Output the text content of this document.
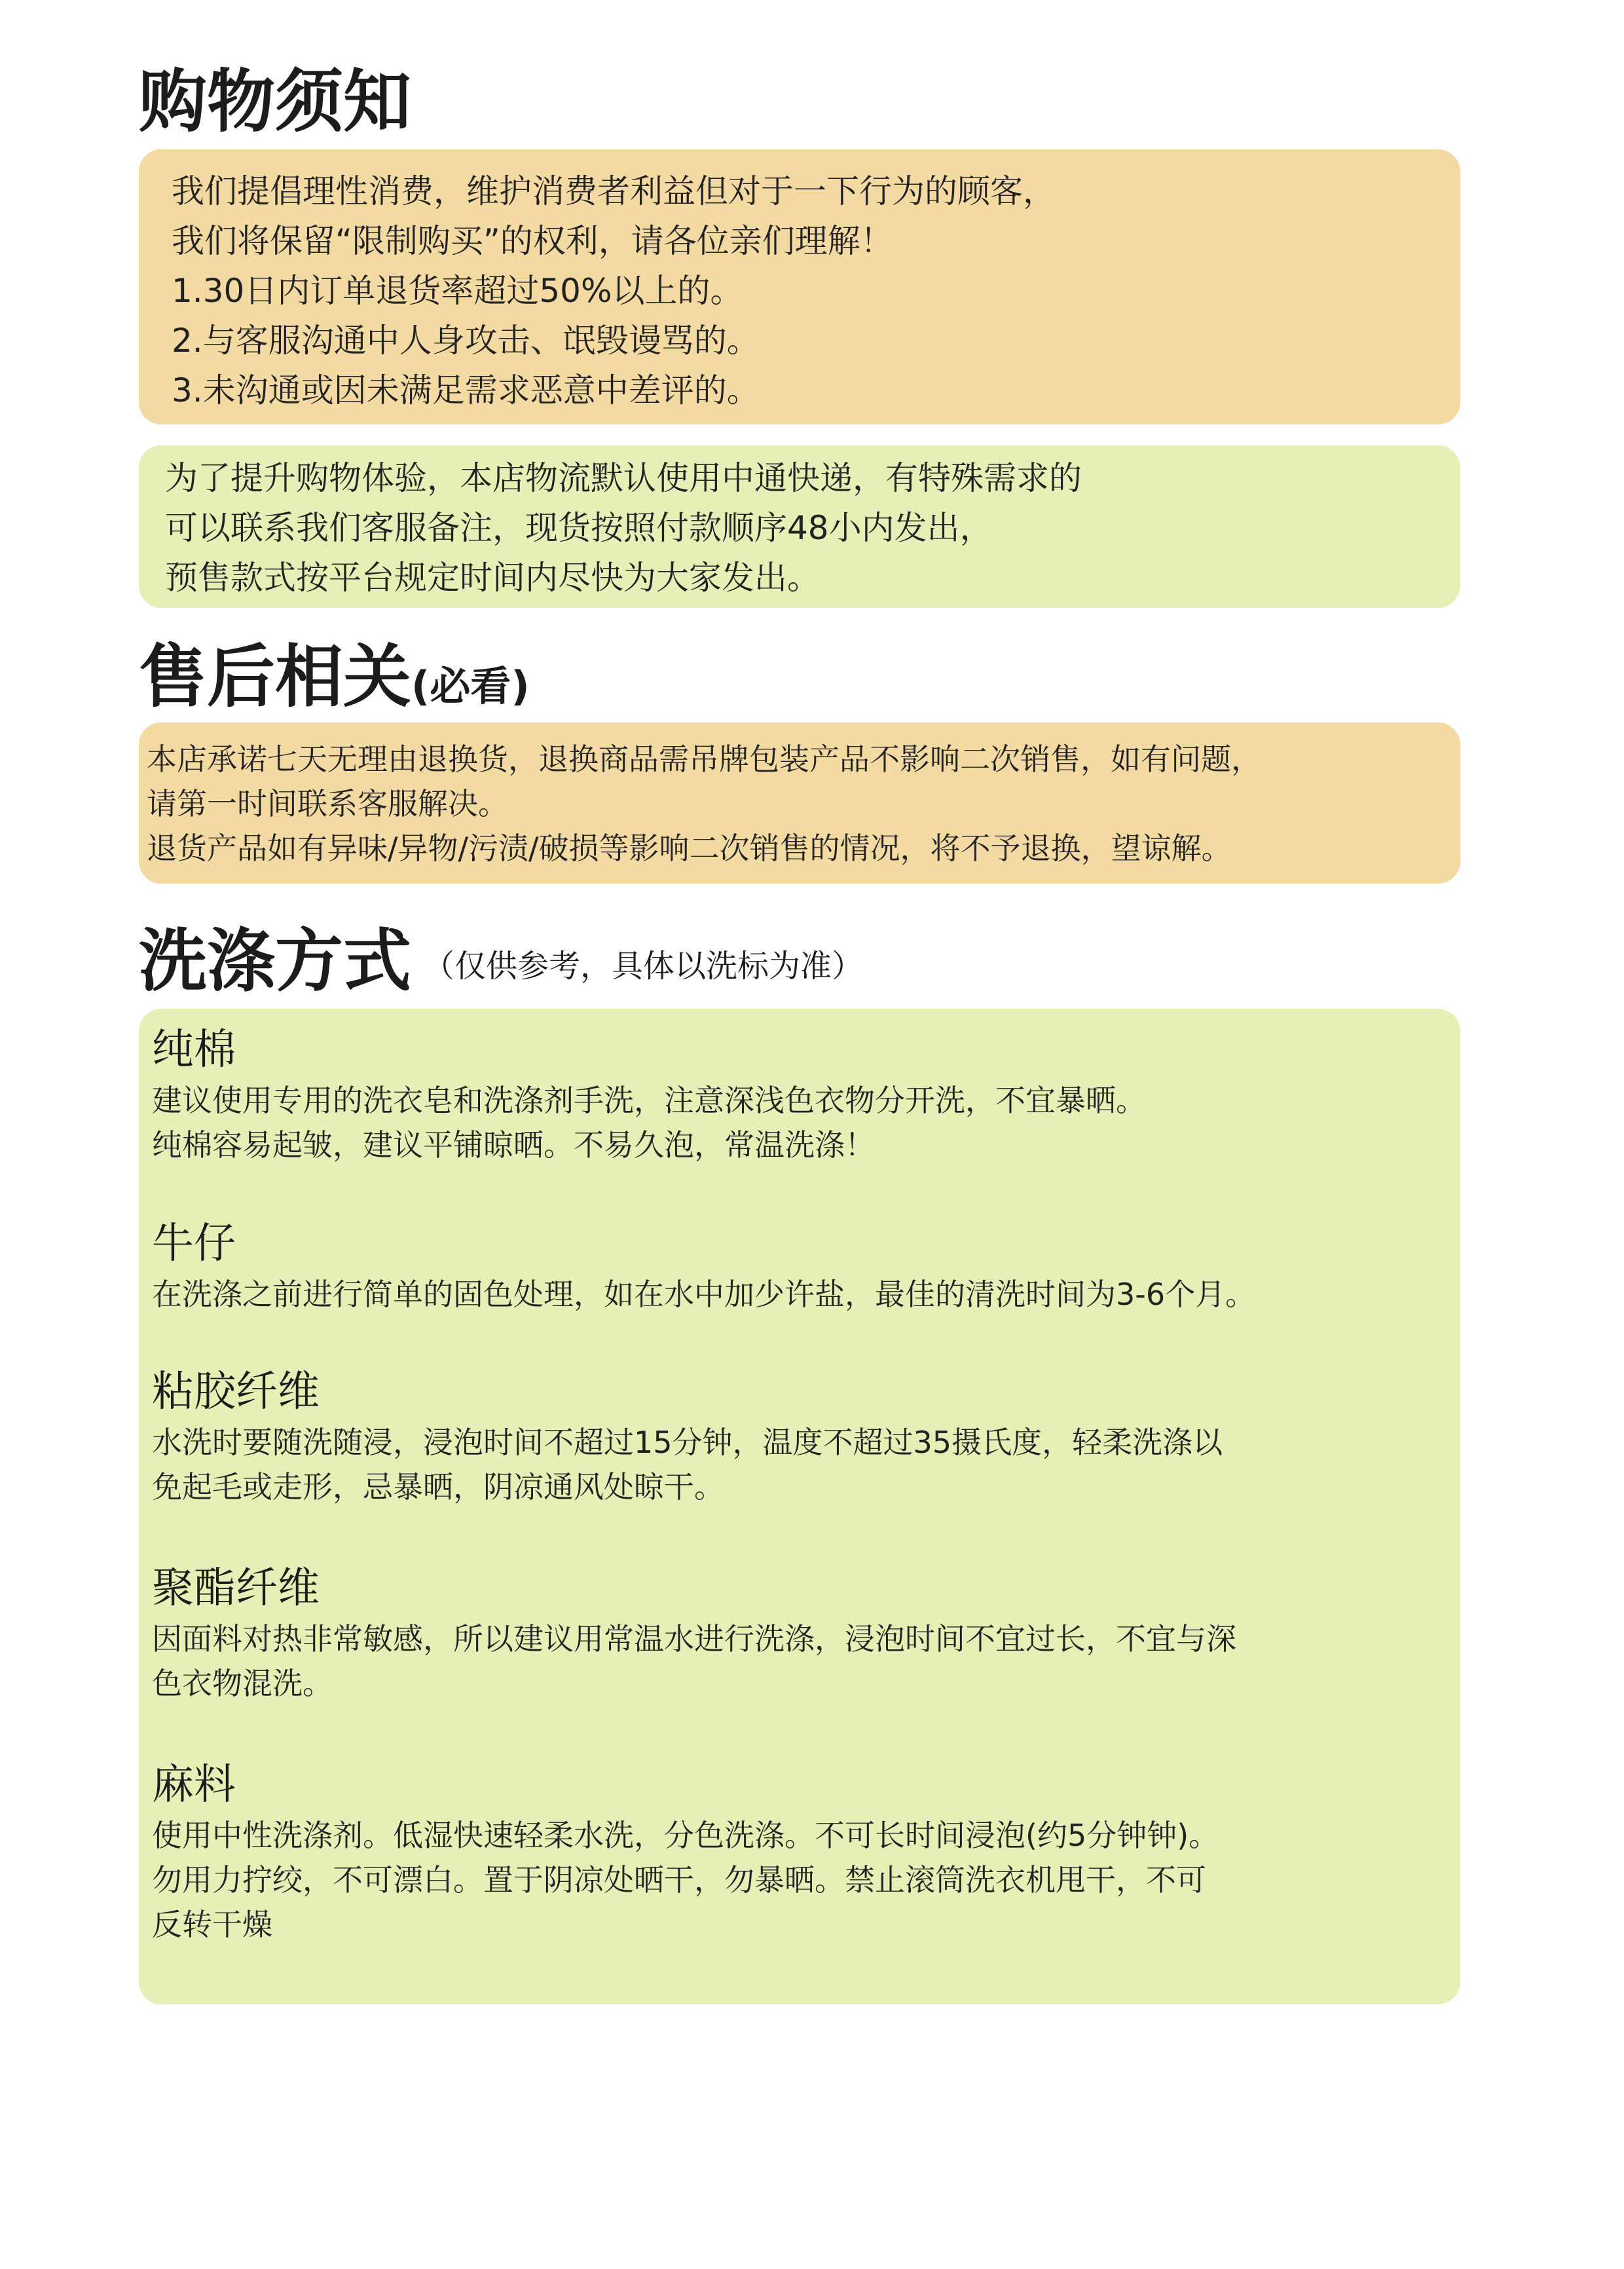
购物须知
我们提倡理性消费，维护消费者利益但对于一下行为的顾客，
我们将保留“限制购买”的权利，请各位亲们理解！
1.30日内订单退货率超过50%以上的。
2.与客服沟通中人身攻击、氓毁谩骂的。
3.未沟通或因未满足需求恶意中差评的。
为了提升购物体验，本店物流默认使用中通快递，有特殊需求的
可以联系我们客服备注，现货按照付款顺序48小内发出，
预售款式按平台规定时间内尽快为大家发出。
售后相关(必看)
本店承诺七天无理由退换货，退换商品需吊牌包装产品不影响二次销售，如有问题，
请第一时间联系客服解决。
退货产品如有异味/异物/污渍/破损等影响二次销售的情况，将不予退换，望谅解。
洗涤方式 （仅供参考，具体以洗标为准）
纯棉
建议使用专用的洗衣皂和洗涤剂手洗，注意深浅色衣物分开洗，不宜暴晒。
纯棉容易起皱，建议平铺晾晒。不易久泡，常温洗涤！
牛仔
在洗涤之前进行简单的固色处理，如在水中加少许盐，最佳的清洗时间为3-6个月。
粘胶纤维
水洗时要随洗随浸，浸泡时间不超过15分钟，温度不超过35摄氏度，轻柔洗涤以
免起毛或走形，忌暴晒，阴凉通风处晾干。
聚酯纤维
因面料对热非常敏感，所以建议用常温水进行洗涤，浸泡时间不宜过长，不宜与深
色衣物混洗。
麻料
使用中性洗涤剂。低湿快速轻柔水洗，分色洗涤。不可长时间浸泡(约5分钟钟)。
勿用力拧绞，不可漂白。置于阴凉处晒干，勿暴晒。禁止滚筒洗衣机甩干，不可
反转干燥
